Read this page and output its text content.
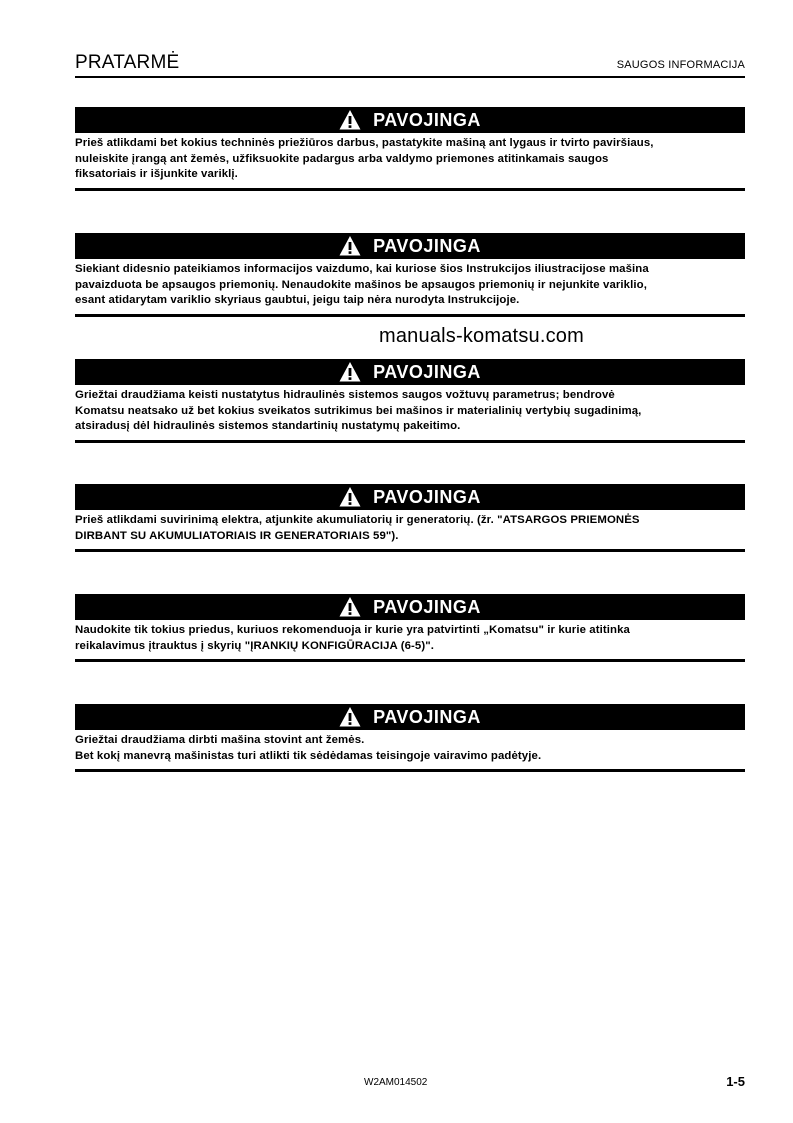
PRATARMĖ	SAUGOS INFORMACIJA
manuals-komatsu.com
PAVOJINGA
Prieš atlikdami bet kokius techninės priežiūros darbus, pastatykite mašiną ant lygaus ir tvirto paviršiaus,
nuleiskite įrangą ant žemės, užfiksuokite padargus arba valdymo priemones atitinkamais saugos
fiksatoriais ir išjunkite variklį.
PAVOJINGA
Siekiant didesnio pateikiamos informacijos vaizdumo, kai kuriose šios Instrukcijos iliustracijose mašina
pavaizduota be apsaugos priemonių. Nenaudokite mašinos be apsaugos priemonių ir nejunkite variklio,
esant atidarytam variklio skyriaus gaubtui, jeigu taip nėra nurodyta Instrukcijoje.
PAVOJINGA
Griežtai draudžiama keisti nustatytus hidraulinės sistemos saugos vožtuvų parametrus; bendrovė
Komatsu neatsako už bet kokius sveikatos sutrikimus bei mašinos ir materialinių vertybių sugadinimą,
atsiradusį dėl hidraulinės sistemos standartinių nustatymų pakeitimo.
PAVOJINGA
Prieš atlikdami suvirinimą elektra, atjunkite akumuliatorių ir generatorių. (žr. "ATSARGOS PRIEMONĖS
DIRBANT SU AKUMULIATORIAIS IR GENERATORIAIS 59").
PAVOJINGA
Naudokite tik tokius priedus, kuriuos rekomenduoja ir kurie yra patvirtinti „Komatsu" ir kurie atitinka
reikalavimus įtrauktus į skyrių "ĮRANKIŲ KONFIGŪRACIJA (6-5)".
PAVOJINGA
Griežtai draudžiama dirbti mašina stovint ant žemės.
Bet kokį manevrą mašinistas turi atlikti tik sėdėdamas teisingoje vairavimo padėtyje.
W2AM014502	1-5
